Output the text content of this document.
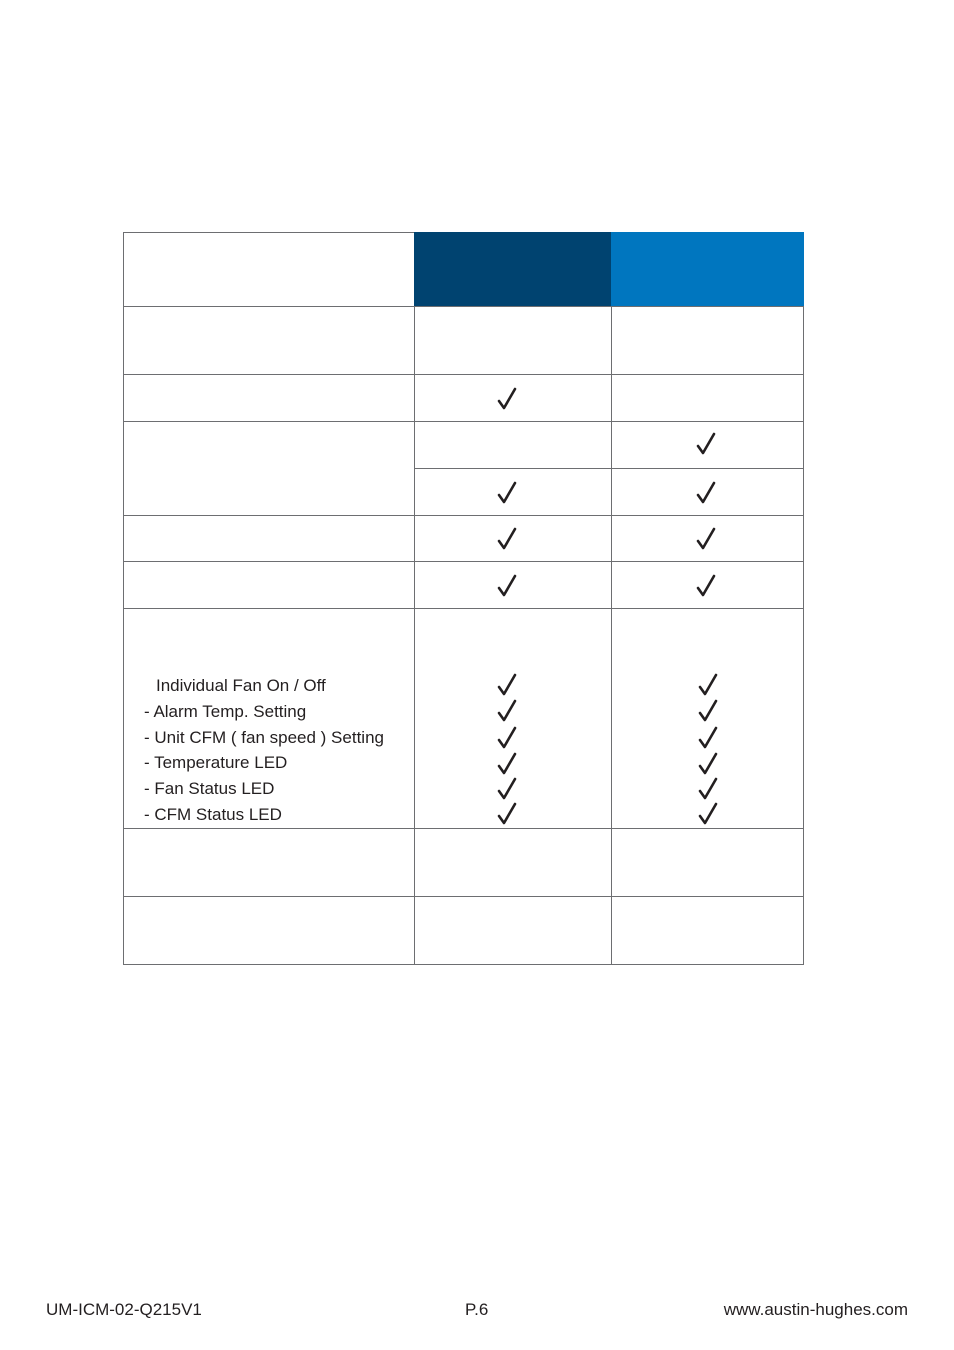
Individual Fan On / Off
- Alarm Temp. Setting
- Unit CFM ( fan speed ) Setting
- Temperature LED
- Fan Status LED
- CFM Status LED
UM-ICM-02-Q215V1	P.6	www.austin-hughes.com
